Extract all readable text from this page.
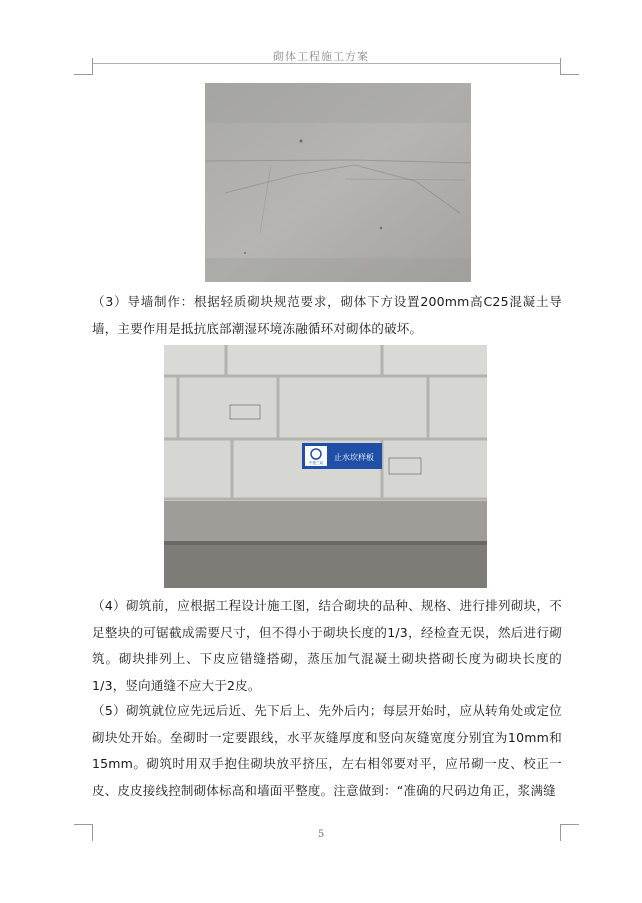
砌体工程施工方案

（3）导墙制作：根据轻质砌块规范要求，砌体下方设置200mm高C25混凝土导墙，主要作用是抵抗底部潮湿环境冻融循环对砌体的破坏。

中建三局
止水坎样板

（4）砌筑前，应根据工程设计施工图，结合砌块的品种、规格、进行排列砌块，不足整块的可锯截成需要尺寸，但不得小于砌块长度的1/3，经检查无误，然后进行砌筑。砌块排列上、下皮应错缝搭砌，蒸压加气混凝土砌块搭砌长度为砌块长度的1/3，竖向通缝不应大于2皮。

（5）砌筑就位应先远后近、先下后上、先外后内；每层开始时，应从转角处或定位砌块处开始。垒砌时一定要跟线，水平灰缝厚度和竖向灰缝宽度分别宜为10mm和15mm。砌筑时用双手抱住砌块放平挤压，左右相邻要对平，应吊砌一皮、校正一皮、皮皮接线控制砌体标高和墙面平整度。注意做到：“准确的尺码边角正，浆满缝

5
